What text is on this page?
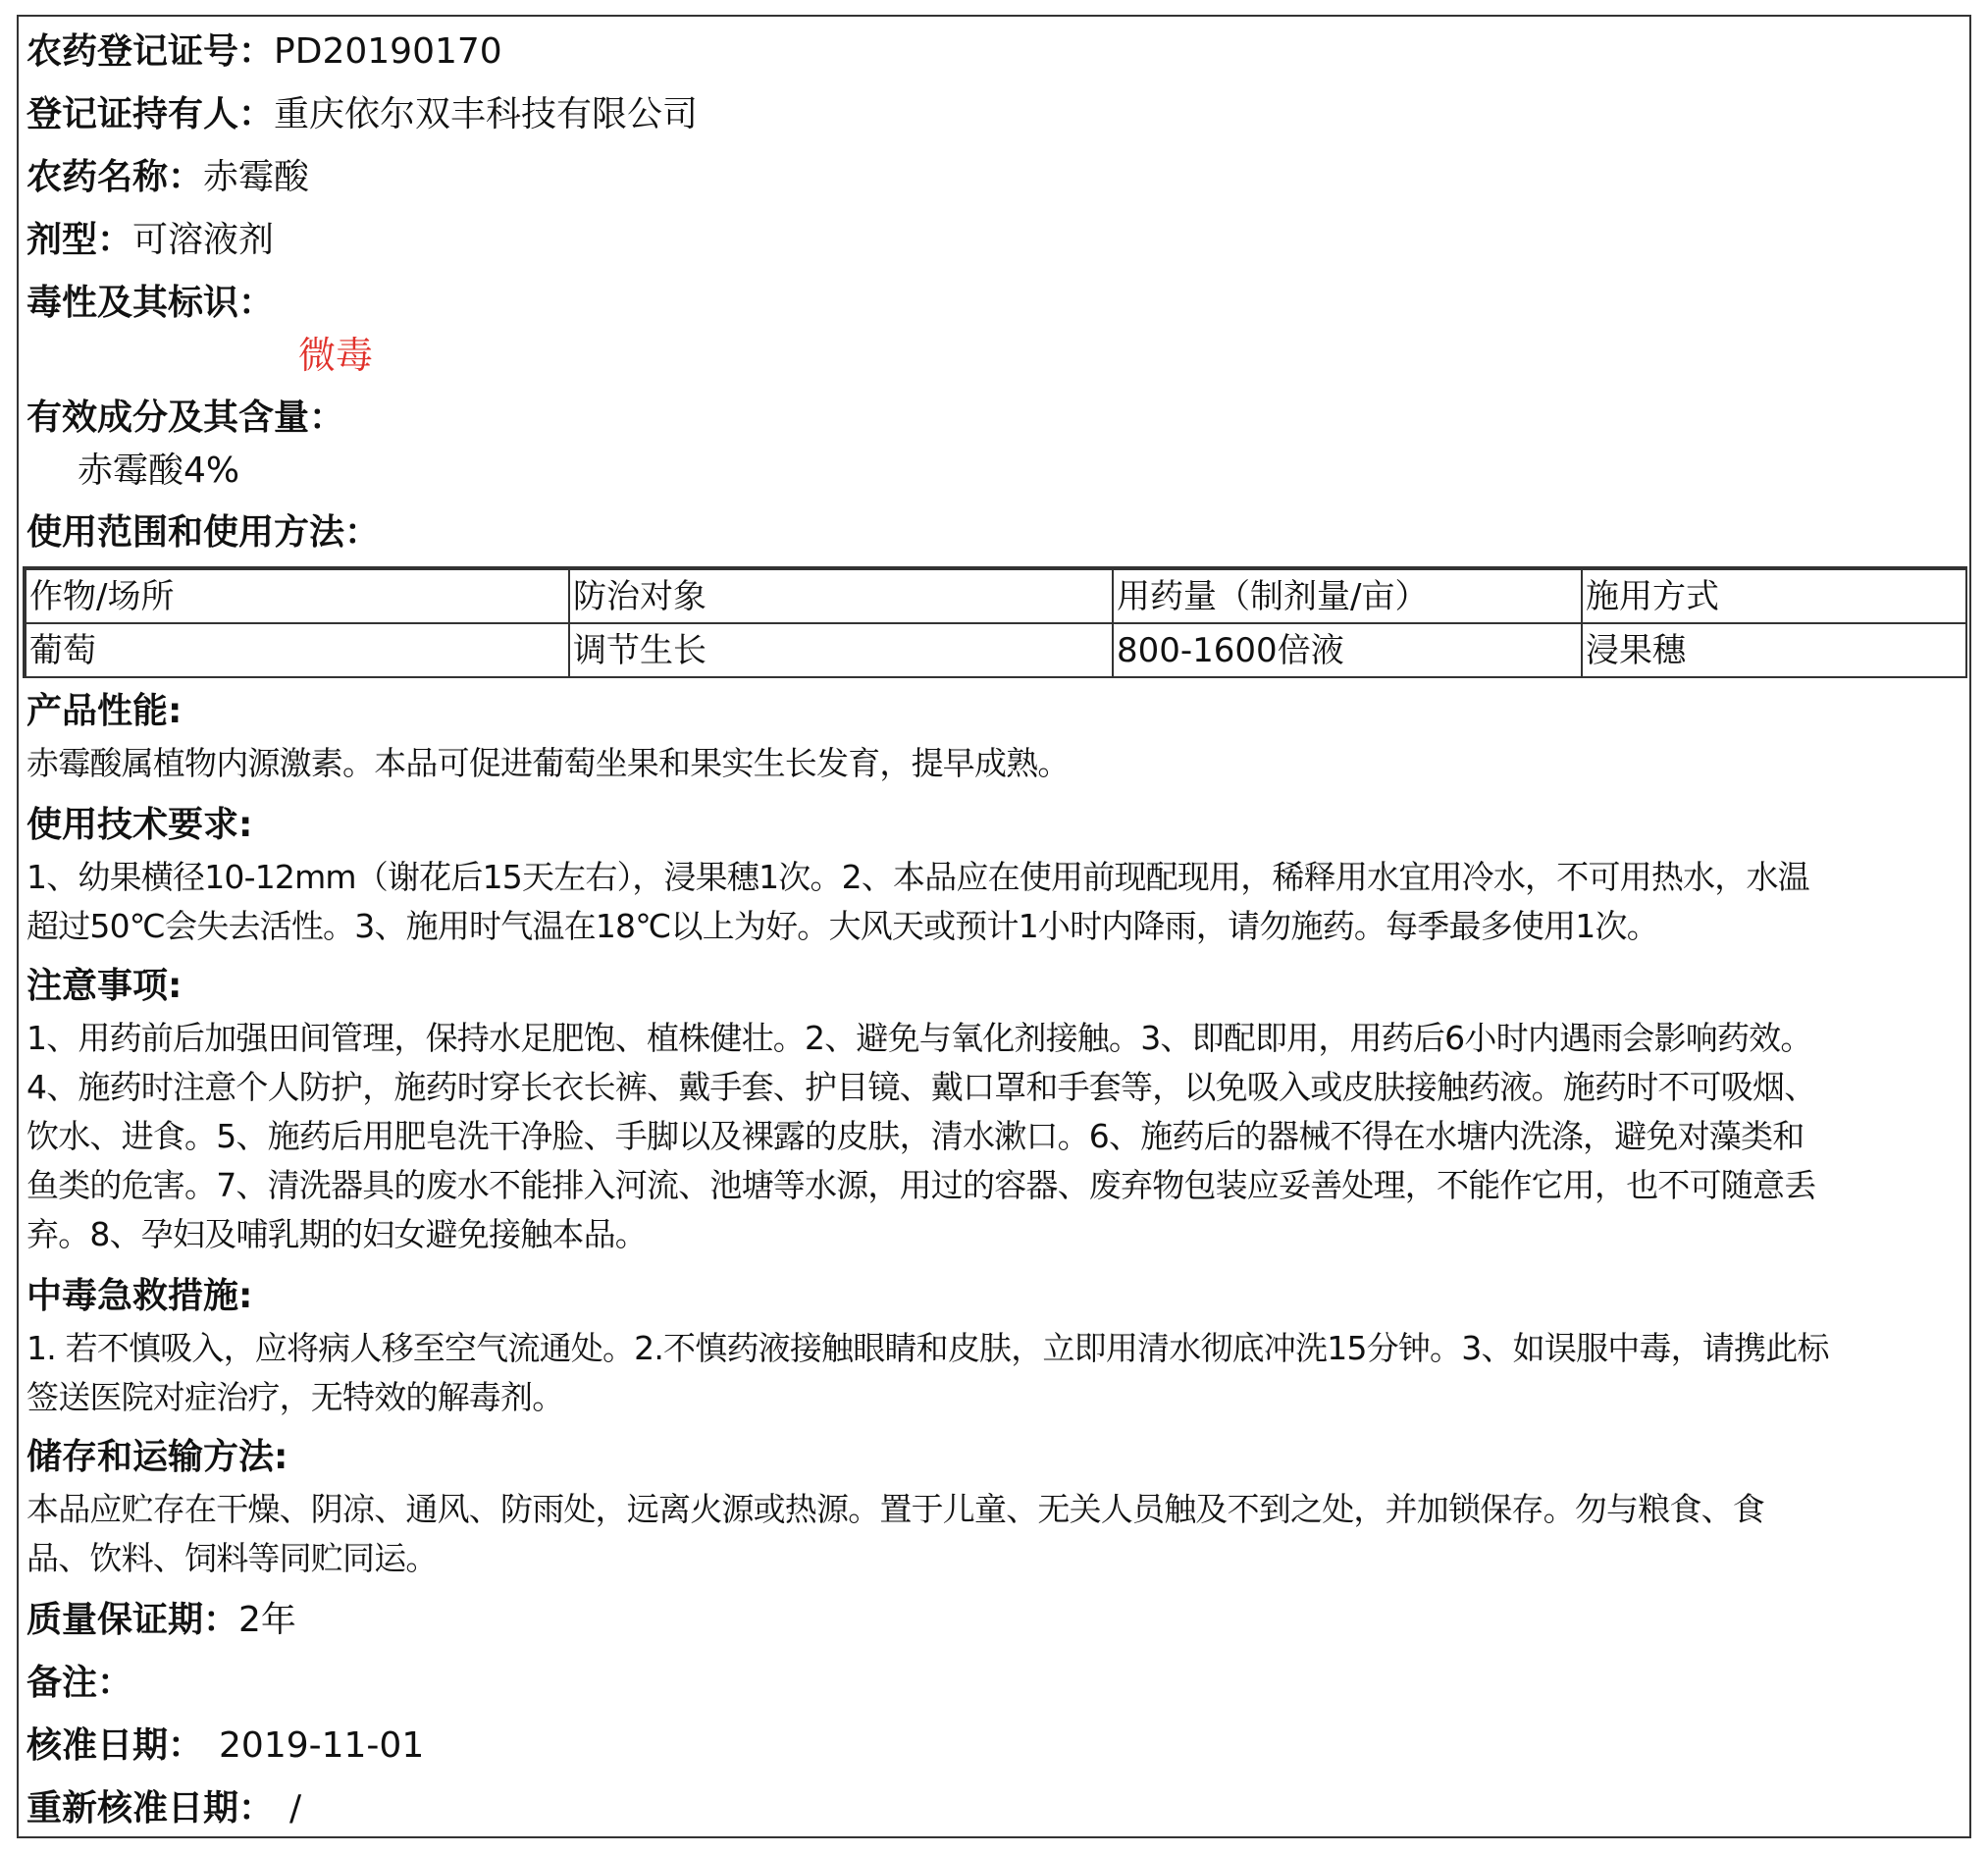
农药登记证号：PD20190170
登记证持有人：重庆依尔双丰科技有限公司
农药名称：赤霉酸
剂型：可溶液剂
毒性及其标识：
微毒
有效成分及其含量：
赤霉酸4%
使用范围和使用方法：
作物/场所	防治对象	用药量（制剂量/亩）	施用方式
葡萄	调节生长	800-1600倍液	浸果穗
产品性能:
赤霉酸属植物内源激素。本品可促进葡萄坐果和果实生长发育，提早成熟。
使用技术要求:
1、幼果横径10-12mm（谢花后15天左右），浸果穗1次。2、本品应在使用前现配现用，稀释用水宜用冷水，不可用热水，水温
超过50℃会失去活性。3、施用时气温在18℃以上为好。大风天或预计1小时内降雨，请勿施药。每季最多使用1次。
注意事项:
1、用药前后加强田间管理，保持水足肥饱、植株健壮。2、避免与氧化剂接触。3、即配即用，用药后6小时内遇雨会影响药效。
4、施药时注意个人防护，施药时穿长衣长裤、戴手套、护目镜、戴口罩和手套等，以免吸入或皮肤接触药液。施药时不可吸烟、
饮水、进食。5、施药后用肥皂洗干净脸、手脚以及裸露的皮肤，清水漱口。6、施药后的器械不得在水塘内洗涤，避免对藻类和
鱼类的危害。7、清洗器具的废水不能排入河流、池塘等水源，用过的容器、废弃物包装应妥善处理，不能作它用，也不可随意丢
弃。8、孕妇及哺乳期的妇女避免接触本品。
中毒急救措施:
1. 若不慎吸入，应将病人移至空气流通处。2.不慎药液接触眼睛和皮肤，立即用清水彻底冲洗15分钟。3、如误服中毒，请携此标
签送医院对症治疗，无特效的解毒剂。
储存和运输方法:
本品应贮存在干燥、阴凉、通风、防雨处，远离火源或热源。置于儿童、无关人员触及不到之处，并加锁保存。勿与粮食、食
品、饮料、饲料等同贮同运。
质量保证期：2年
备注：
核准日期： 2019-11-01
重新核准日期： /
